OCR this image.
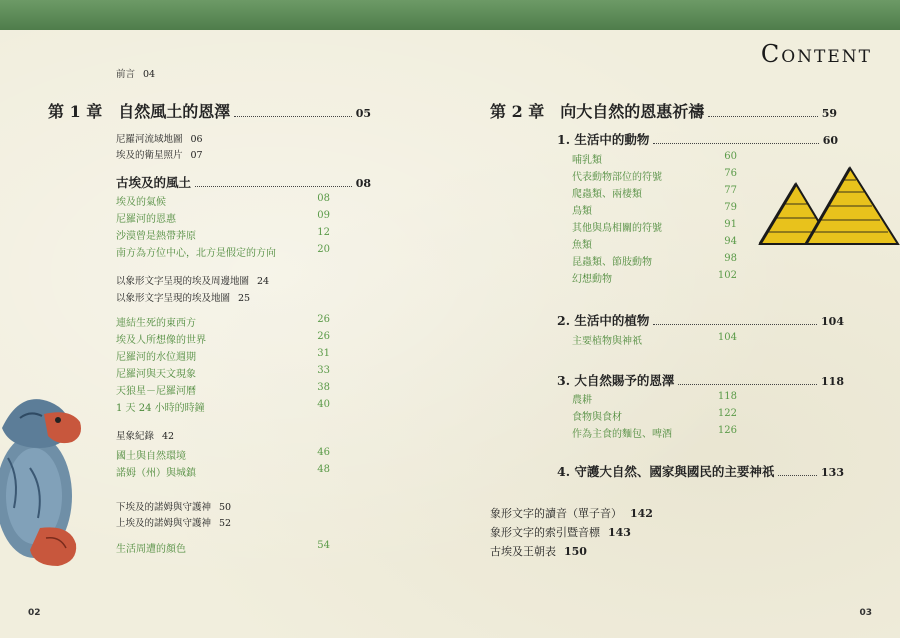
Content
前言 04
第 1 章 自然風土的恩澤	05
尼羅河流域地圖 06
埃及的衛星照片 07
古埃及的風土	08
埃及的氣候	08
尼羅河的恩惠	09
沙漠曾是熱帶莽原	12
南方為方位中心，北方是假定的方向	20
以象形文字呈現的埃及周邊地圖 24
以象形文字呈現的埃及地圖 25
連結生死的東西方	26
埃及人所想像的世界	26
尼羅河的水位週期	31
尼羅河與天文現象	33
天狼星－尼羅河曆	38
1 天 24 小時的時鐘	40
星象紀錄 42
國土與自然環境	46
諾姆（州）與城鎮	48
下埃及的諾姆與守護神 50
上埃及的諾姆與守護神 52
生活周遭的顏色	54
02
第 2 章 向大自然的恩惠祈禱	59
1. 生活中的動物	60
哺乳類	60
代表動物部位的符號	76
爬蟲類、兩棲類	77
鳥類	79
其他與鳥相關的符號	91
魚類	94
昆蟲類、節肢動物	98
幻想動物	102
2. 生活中的植物	104
主要植物與神祇	104
3. 大自然賜予的恩澤	118
農耕	118
食物與食材	122
作為主食的麵包、啤酒	126
4. 守護大自然、國家與國民的主要神祇	133
象形文字的讀音（單子音） 142
象形文字的索引暨音標 143
古埃及王朝表 150
03
